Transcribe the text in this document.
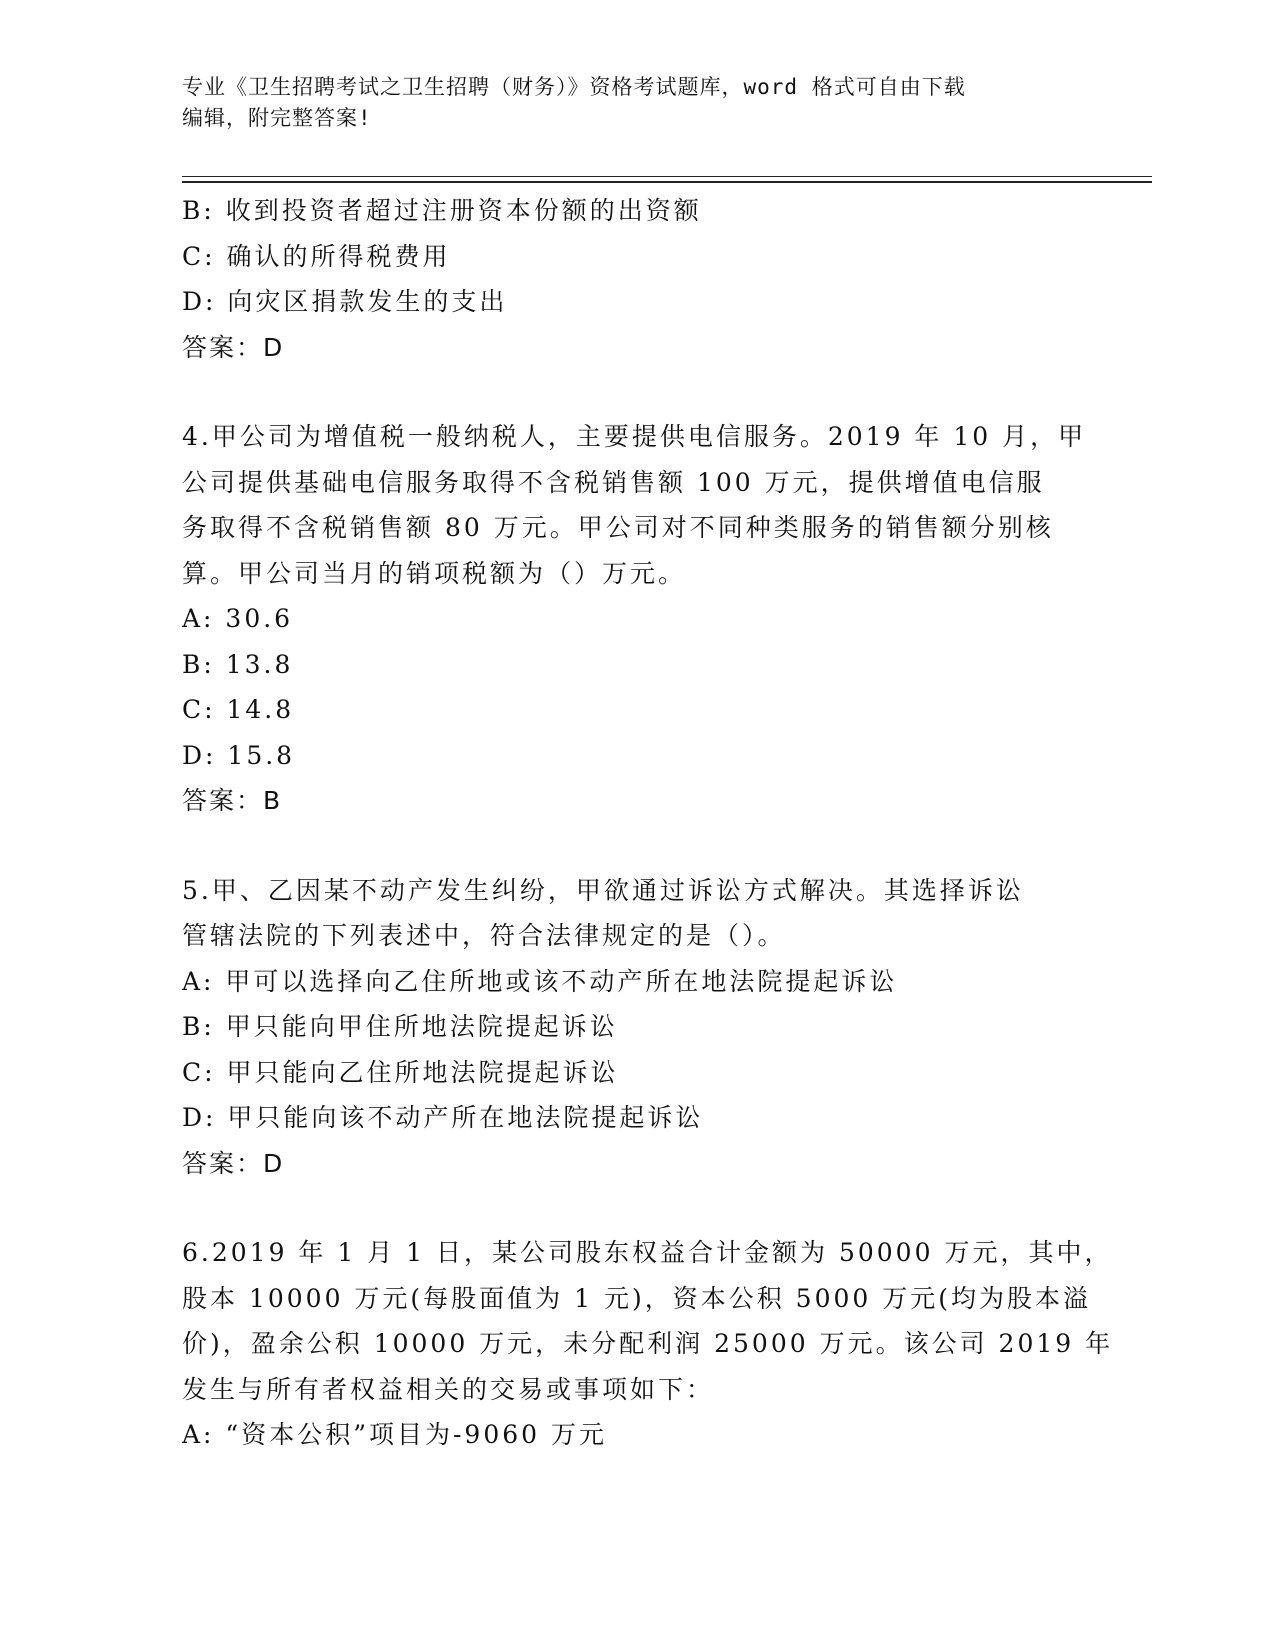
专业《卫生招聘考试之卫生招聘（财务）》资格考试题库，word 格式可自由下载
编辑，附完整答案!
B: 收到投资者超过注册资本份额的出资额
C: 确认的所得税费用
D: 向灾区捐款发生的支出
答案：D
4.甲公司为增值税一般纳税人，主要提供电信服务。2019 年 10 月，甲
公司提供基础电信服务取得不含税销售额 100 万元，提供增值电信服
务取得不含税销售额 80 万元。甲公司对不同种类服务的销售额分别核
算。甲公司当月的销项税额为（）万元。
A: 30.6
B: 13.8
C: 14.8
D: 15.8
答案：B
5.甲、乙因某不动产发生纠纷，甲欲通过诉讼方式解决。其选择诉讼
管辖法院的下列表述中，符合法律规定的是（）。
A: 甲可以选择向乙住所地或该不动产所在地法院提起诉讼
B: 甲只能向甲住所地法院提起诉讼
C: 甲只能向乙住所地法院提起诉讼
D: 甲只能向该不动产所在地法院提起诉讼
答案：D
6.2019 年 1 月 1 日，某公司股东权益合计金额为 50000 万元，其中，
股本 10000 万元(每股面值为 1 元)，资本公积 5000 万元(均为股本溢
价)，盈余公积 10000 万元，未分配利润 25000 万元。该公司 2019 年
发生与所有者权益相关的交易或事项如下：
A: “资本公积”项目为-9060 万元
